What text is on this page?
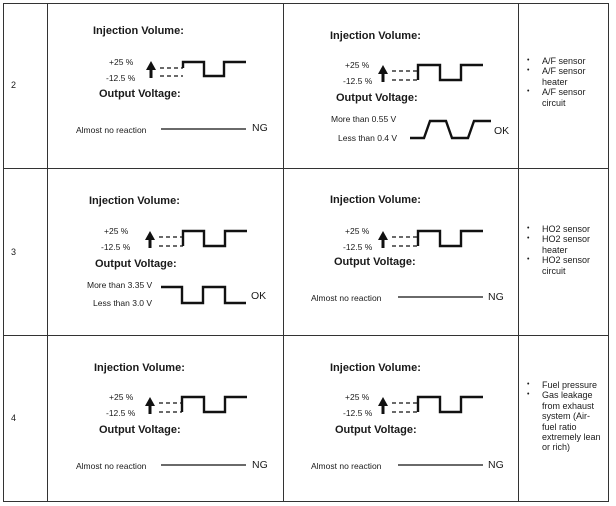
2
Injection Volume:
+25 %
-12.5 %
Output Voltage:
Almost no reaction	NG
Injection Volume:
+25 %
-12.5 %
Output Voltage:
More than 0.55 V
Less than 0.4 V
OK
• A/F sensor
• A/F sensor heater
• A/F sensor circuit
3
Injection Volume:
+25 %
-12.5 %
Output Voltage:
More than 3.35 V
Less than 3.0 V
OK
Injection Volume:
+25 %
-12.5 %
Output Voltage:
Almost no reaction	NG
• HO2 sensor
• HO2 sensor heater
• HO2 sensor circuit
4
Injection Volume:
+25 %
-12.5 %
Output Voltage:
Almost no reaction	NG
Injection Volume:
+25 %
-12.5 %
Output Voltage:
Almost no reaction	NG
• Fuel pressure
• Gas leakage from exhaust system (Air-fuel ratio extremely lean or rich)
